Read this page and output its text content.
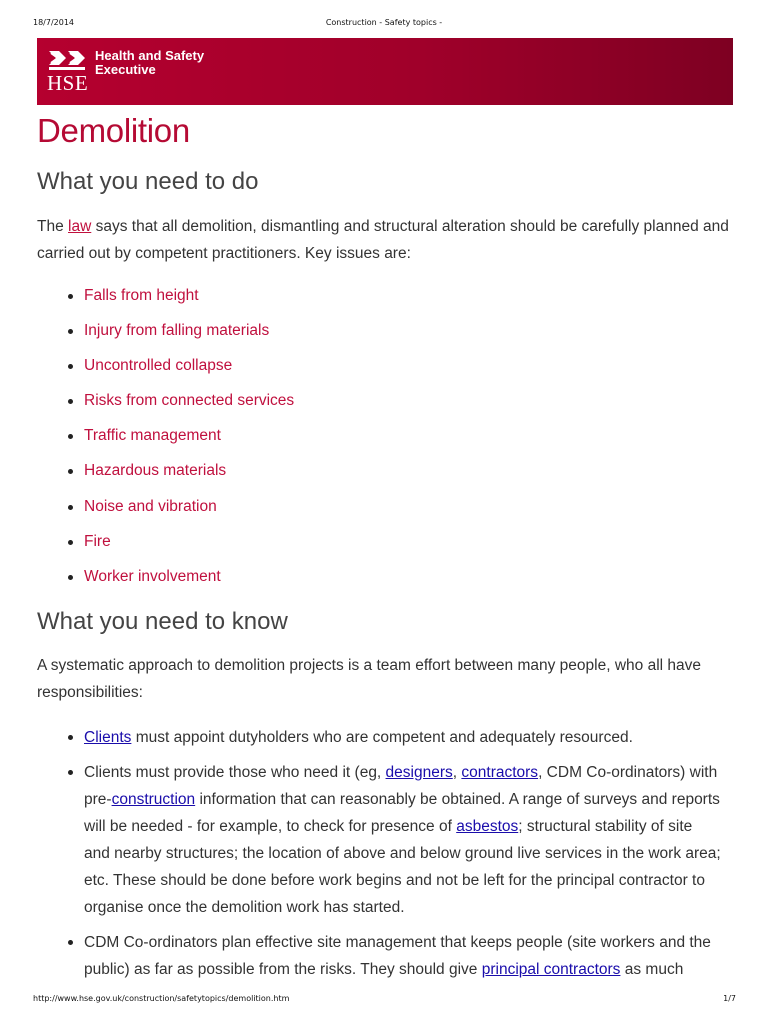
18/7/2014	Construction - Safety topics -
HSE
Health and Safety
Executive
Demolition
What you need to do

The law says that all demolition, dismantling and structural alteration should be carefully planned and carried out by competent practitioners. Key issues are:

Falls from height
Injury from falling materials
Uncontrolled collapse
Risks from connected services
Traffic management
Hazardous materials
Noise and vibration
Fire
Worker involvement
What you need to know

A systematic approach to demolition projects is a team effort between many people, who all have responsibilities:

Clients must appoint dutyholders who are competent and adequately resourced.
Clients must provide those who need it (eg, designers, contractors, CDM Co-ordinators) with pre-construction information that can reasonably be obtained. A range of surveys and reports will be needed - for example, to check for presence of asbestos; structural stability of site and nearby structures; the location of above and below ground live services in the work area; etc. These should be done before work begins and not be left for the principal contractor to organise once the demolition work has started.
CDM Co-ordinators plan effective site management that keeps people (site workers and the public) as far as possible from the risks. They should give principal contractors as much
http://www.hse.gov.uk/construction/safetytopics/demolition.htm	1/7
